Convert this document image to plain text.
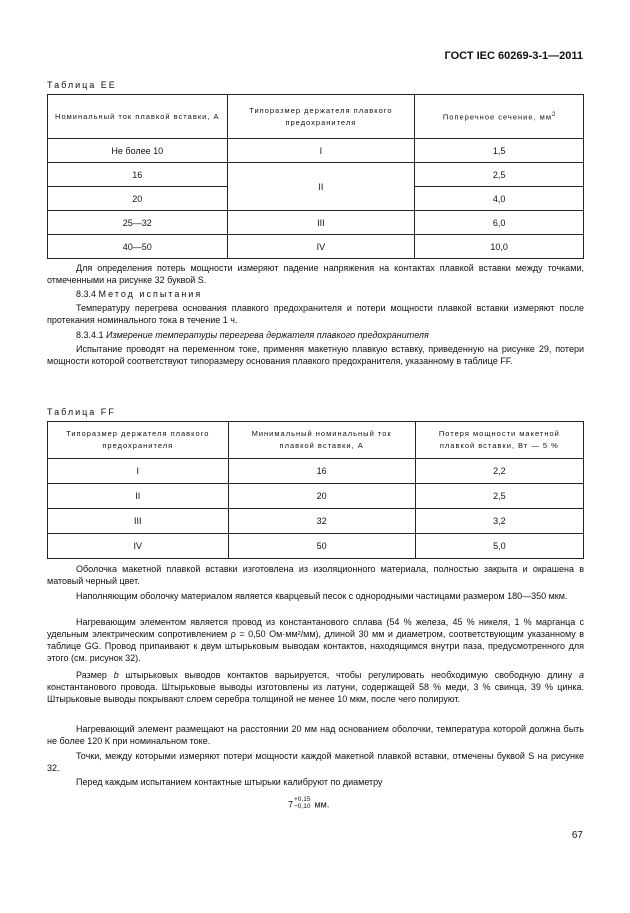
ГОСТ IEC 60269-3-1—2011
Таблица EE
Номинальный ток плавкой вставки, А	Типоразмер держателя плавкого предохранителя	Поперечное сечение, $мм^2$
Не более 10	I	1,5
16	II	2,5
20		4,0
25—32	III	6,0
40—50	IV	10,0

Для определения потерь мощности измеряют падение напряжения на контактах плавкой вставки между точками, отмеченными на рисунке 32 буквой S.

8.3.4 Метод испытания

Температуру перегрева основания плавкого предохранителя и потери мощности плавкой вставки измеряют после протекания номинального тока в течение 1 ч.

8.3.4.1 Измерение температуры перегрева держателя плавкого предохранителя

Испытание проводят на переменном токе, применяя макетную плавкую вставку, приведенную на рисунке 29, потери мощности которой соответствуют типоразмеру основания плавкого предохранителя, указанному в таблице FF.

Таблица FF
Типоразмер держателя плавкого предохранителя	Минимальный номинальный ток плавкой вставки, А	Потеря мощности макетной плавкой вставки, Вт — 5 %
I	16	2,2
II	20	2,5
III	32	3,2
IV	50	5,0

Оболочка макетной плавкой вставки изготовлена из изоляционного материала, полностью закрыта и окрашена в матовый черный цвет.

Наполняющим оболочку материалом является кварцевый песок с однородными частицами размером 180—350 мкм.

Нагревающим элементом является провод из константанового сплава (54 % железа, 45 % никеля, 1 % марганца с удельным электрическим сопротивлением ρ = 0,50 Ом·мм²/мм), длиной 30 мм и диаметром, соответствующим указанному в таблице GG. Провод припаивают к двум штырьковым выводам контактов, находящимся внутри паза, предусмотренного для этого (см. рисунок 32).

Размер b штырьковых выводов контактов варьируется, чтобы регулировать необходимую свободную длину а константанового провода. Штырьковые выводы изготовлены из латуни, содержащей 58 % меди, 3 % свинца, 39 % цинка. Штырьковые выводы покрывают слоем серебра толщиной не менее 10 мкм, после чего полируют.

Нагревающий элемент размещают на расстоянии 20 мм над основанием оболочки, температура которой должна быть не более 120 К при номинальном токе.

Точки, между которыми измеряют потери мощности каждой макетной плавкой вставки, отмечены буквой S на рисунке 32.

Перед каждым испытанием контактные штырьки калибруют по диаметру

7 +0,15
−0,10 мм.
67
